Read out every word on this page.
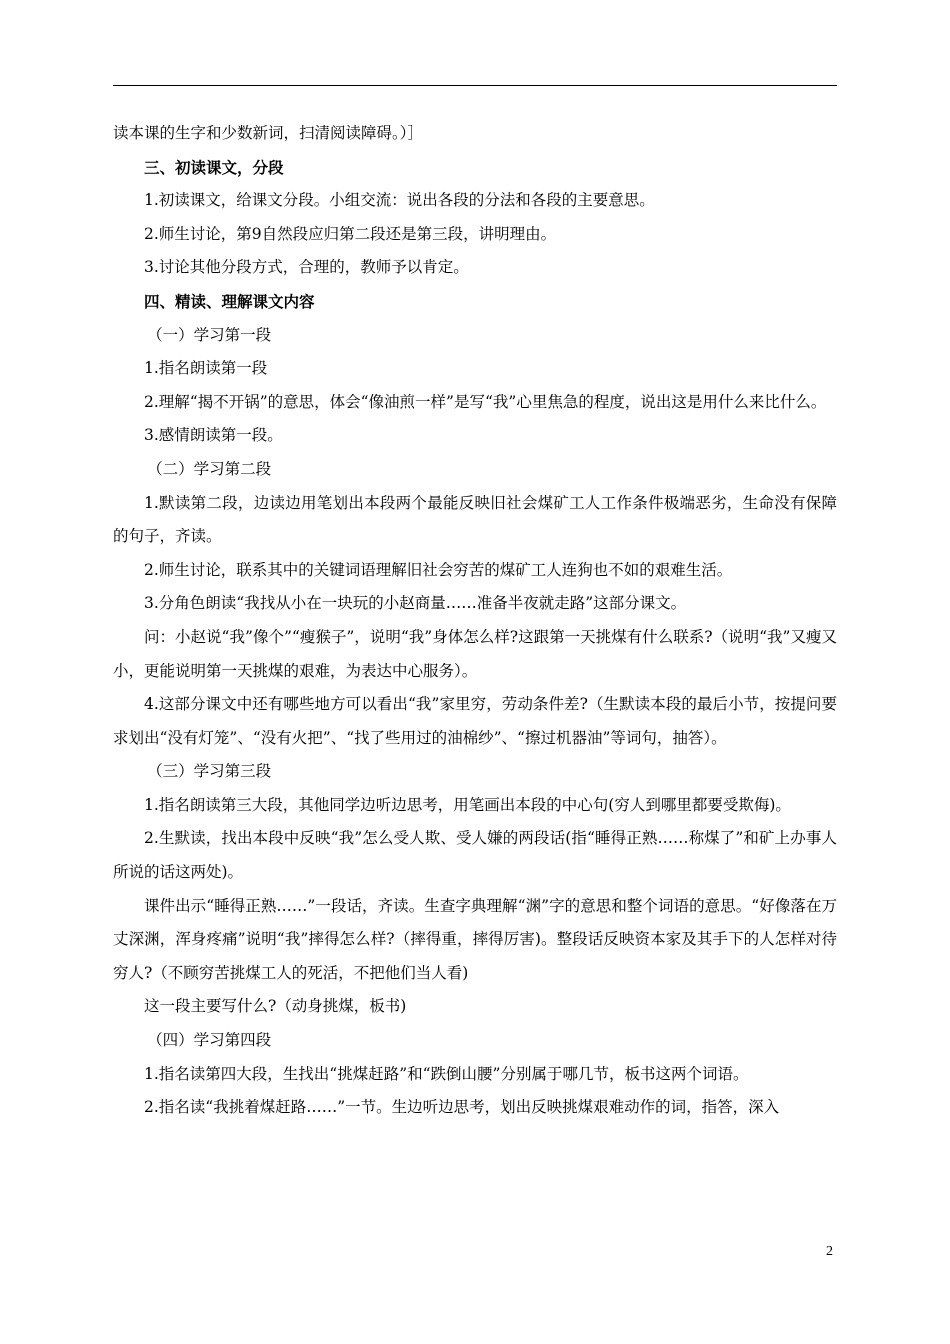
读本课的生字和少数新词，扫清阅读障碍。）］

三、初读课文，分段

1.初读课文，给课文分段。小组交流：说出各段的分法和各段的主要意思。

2.师生讨论，第9自然段应归第二段还是第三段，讲明理由。

3.讨论其他分段方式，合理的，教师予以肯定。

四、精读、理解课文内容

（一）学习第一段

1.指名朗读第一段

2.理解“揭不开锅”的意思，体会“像油煎一样”是写“我”心里焦急的程度，说出这是用什么来比什么。

3.感情朗读第一段。

（二）学习第二段

1.默读第二段，边读边用笔划出本段两个最能反映旧社会煤矿工人工作条件极端恶劣，生命没有保障的句子，齐读。

2.师生讨论，联系其中的关键词语理解旧社会穷苦的煤矿工人连狗也不如的艰难生活。

3.分角色朗读“我找从小在一块玩的小赵商量……准备半夜就走路”这部分课文。

问：小赵说“我”像个”“瘦猴子”，说明“我”身体怎么样?这跟第一天挑煤有什么联系?（说明“我”又瘦又小，更能说明第一天挑煤的艰难，为表达中心服务）。

4.这部分课文中还有哪些地方可以看出“我”家里穷，劳动条件差?（生默读本段的最后小节，按提问要求划出“没有灯笼”、“没有火把”、“找了些用过的油棉纱”、“擦过机器油”等词句，抽答）。

（三）学习第三段

1.指名朗读第三大段，其他同学边听边思考，用笔画出本段的中心句(穷人到哪里都要受欺侮)。

2.生默读，找出本段中反映“我”怎么受人欺、受人嫌的两段话(指“睡得正熟……称煤了”和矿上办事人所说的话这两处)。

课件出示“睡得正熟……”一段话，齐读。生查字典理解“渊”字的意思和整个词语的意思。“好像落在万丈深渊，浑身疼痛”说明“我”摔得怎么样?（摔得重，摔得厉害)。整段话反映资本家及其手下的人怎样对待穷人?（不顾穷苦挑煤工人的死活，不把他们当人看)

这一段主要写什么?（动身挑煤，板书)

（四）学习第四段

1.指名读第四大段，生找出“挑煤赶路”和“跌倒山腰”分别属于哪几节，板书这两个词语。

2.指名读“我挑着煤赶路……”一节。生边听边思考，划出反映挑煤艰难动作的词，指答，深入

2
